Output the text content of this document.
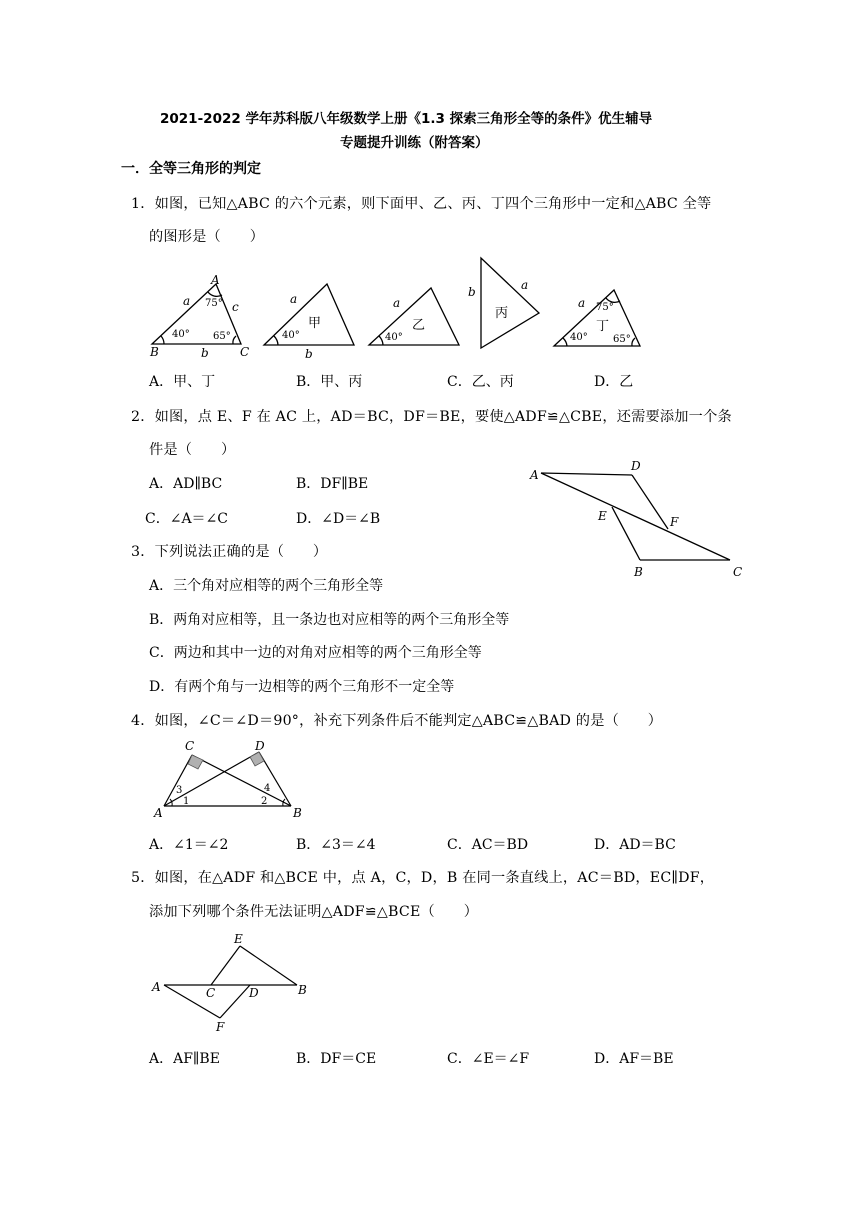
2021-2022 学年苏科版八年级数学上册《1.3 探索三角形全等的条件》优生辅导
专题提升训练（附答案）
一．全等三角形的判定
1．如图，已知△ABC 的六个元素，则下面甲、乙、丙、丁四个三角形中一定和△ABC 全等
的图形是（　　）
A
B	C
a
b
c
75°
40° 65°
a
b
40°
甲
a
40°
乙
b	a
丙
a 75°
40°	65°
丁
A．甲、丁	B．甲、丙	C．乙、丙	D．乙
2．如图，点 E、F 在 AC 上，AD＝BC，DF＝BE，要使△ADF≌△CBE，还需要添加一个条
件是（　　）
A．AD∥BC	B．DF∥BE
C．∠A＝∠C	D．∠D＝∠B
A
D
E	F
B	C
3．下列说法正确的是（　　）
A．三个角对应相等的两个三角形全等
B．两角对应相等，且一条边也对应相等的两个三角形全等
C．两边和其中一边的对角对应相等的两个三角形全等
D．有两个角与一边相等的两个三角形不一定全等
4．如图，∠C＝∠D＝90°，补充下列条件后不能判定△ABC≌△BAD 的是（　　）
A	B
C	D
1	2
3	4
A．∠1＝∠2	B．∠3＝∠4	C．AC＝BD	D．AD＝BC
5．如图，在△ADF 和△BCE 中，点 A，C，D，B 在同一条直线上，AC＝BD，EC∥DF，
添加下列哪个条件无法证明△ADF≌△BCE（　　）
A	B
C	D
E
F
A．AF∥BE	B．DF＝CE	C．∠E＝∠F	D．AF＝BE
